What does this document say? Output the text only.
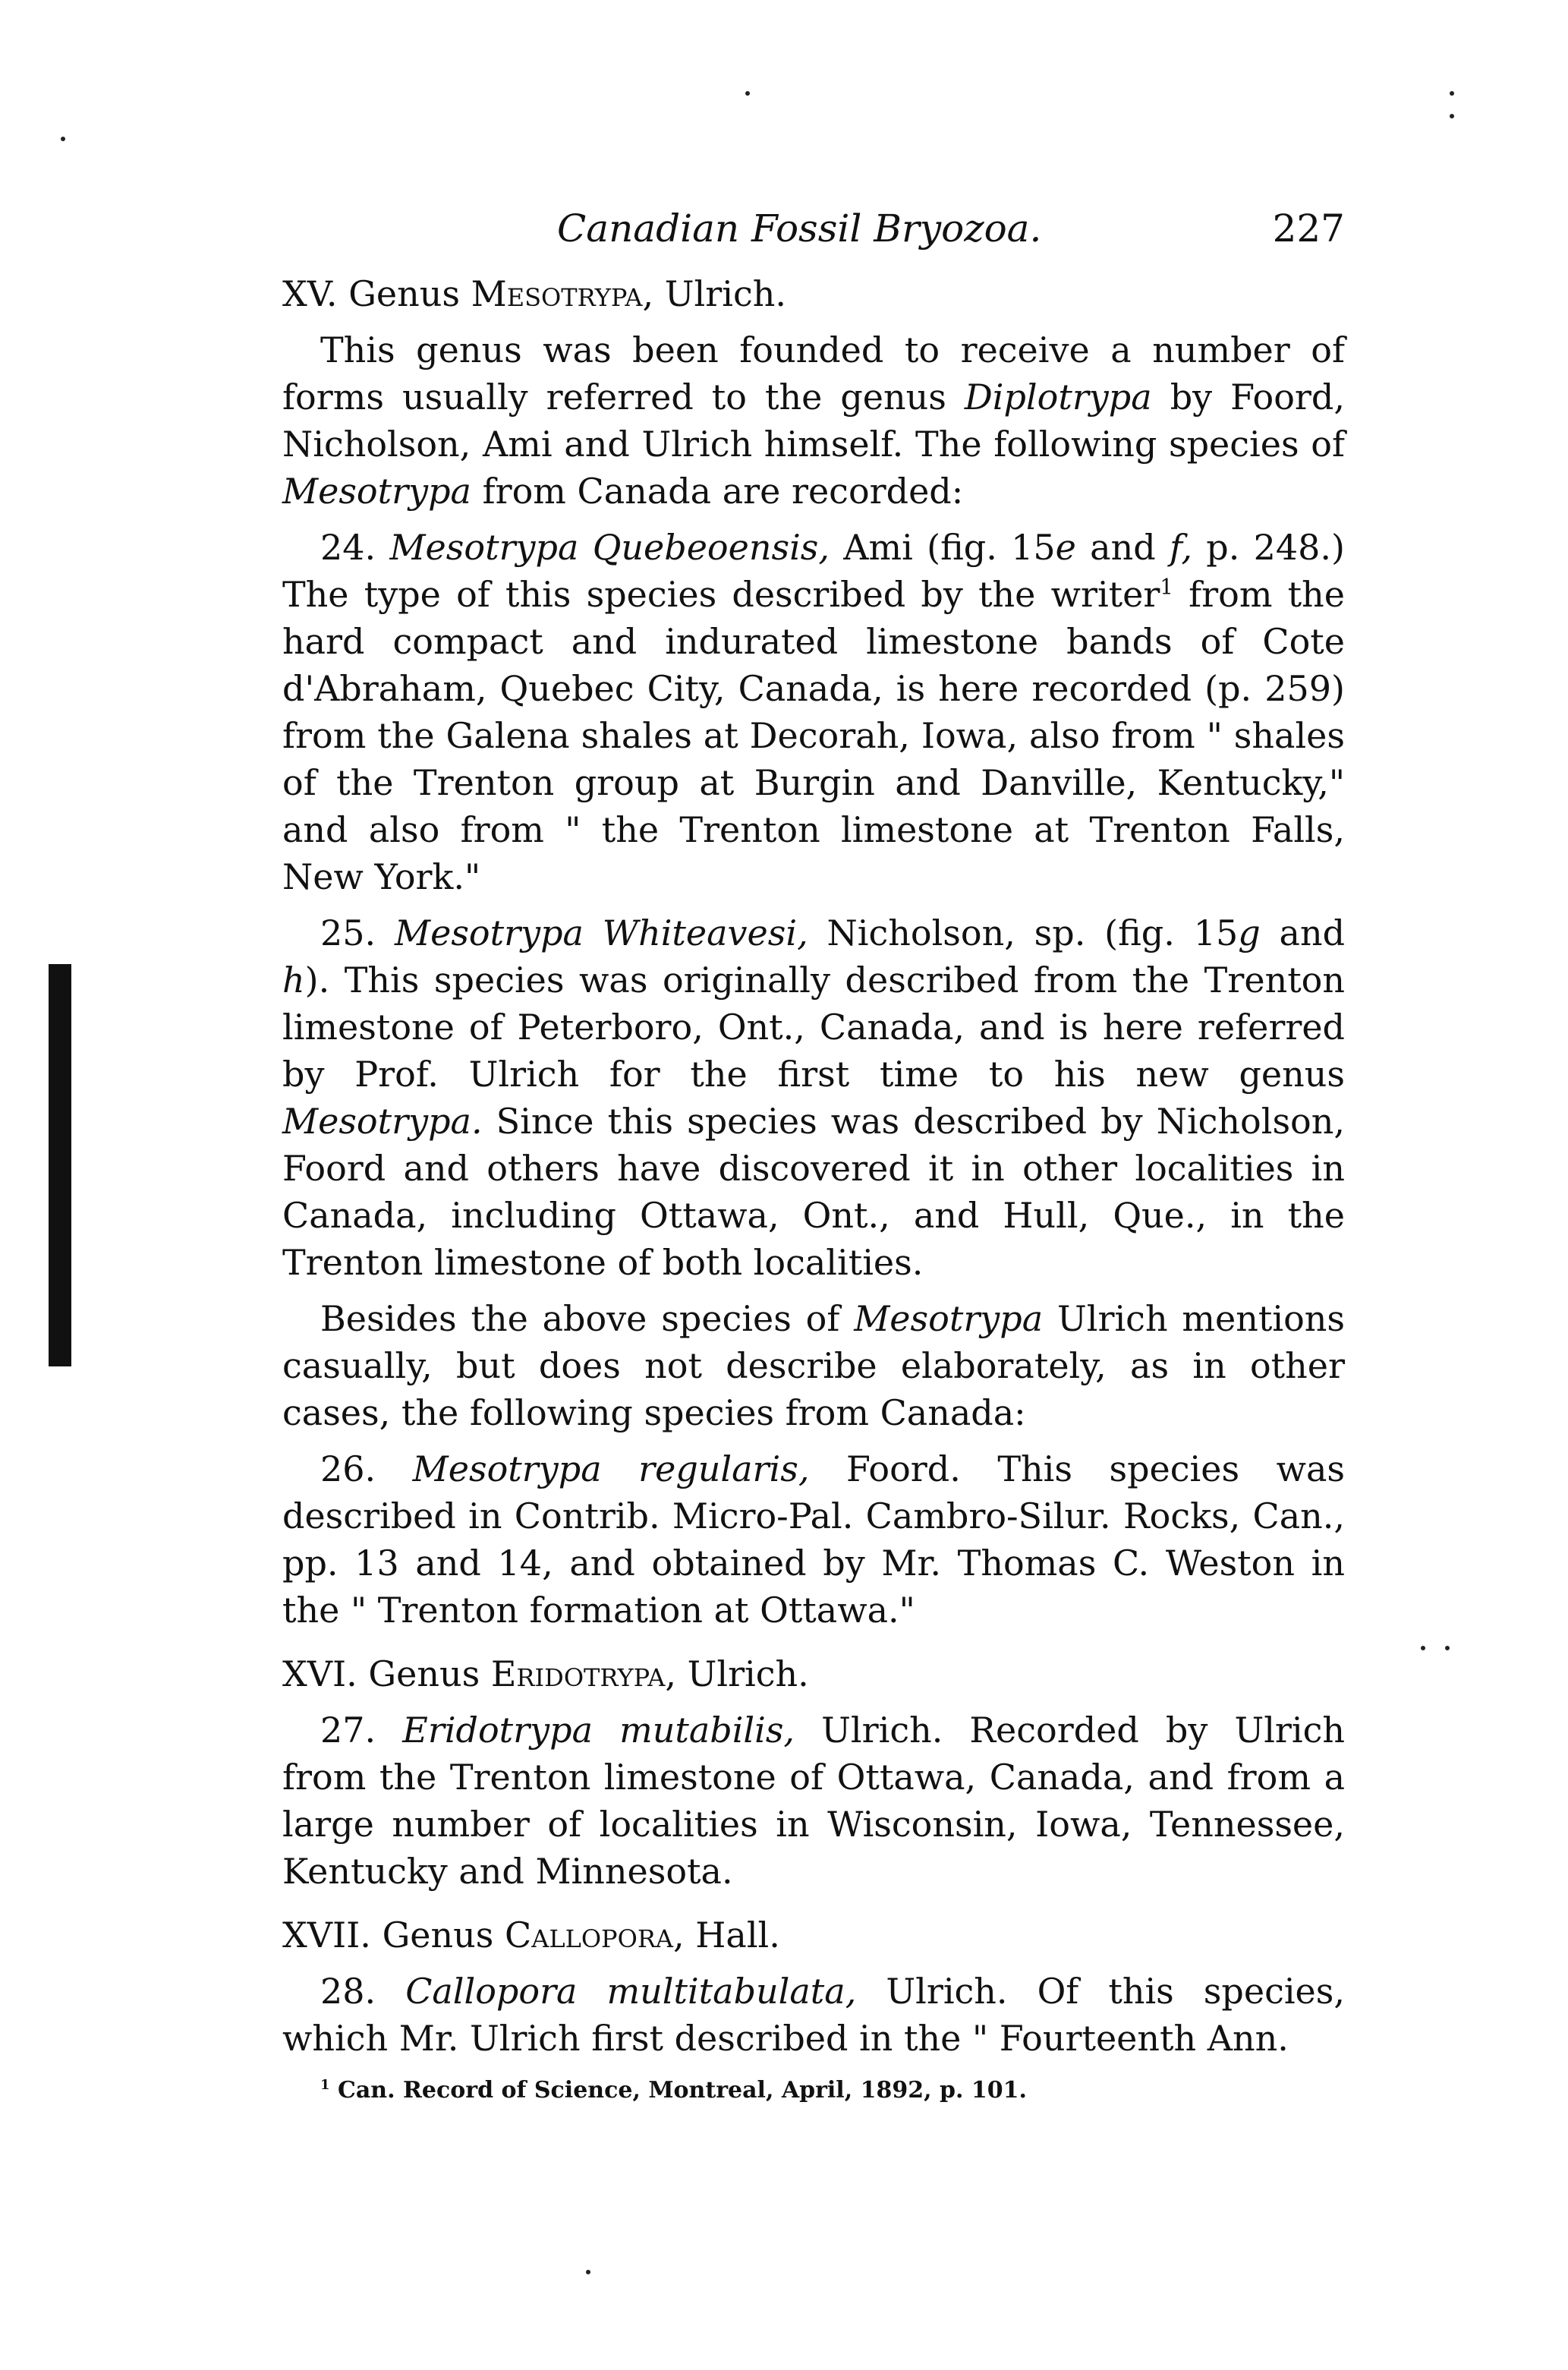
Canadian Fossil Bryozoa.	227
XV. Genus Mesotrypa, Ulrich.

This genus was been founded to receive a number of forms usually referred to the genus Diplotrypa by Foord, Nicholson, Ami and Ulrich himself. The following species of Mesotrypa from Canada are recorded:

24. Mesotrypa Quebeoensis, Ami (fig. 15e and f, p. 248.) The type of this species described by the writer$^1$ from the hard compact and indurated limestone bands of Cote d'Abraham, Quebec City, Canada, is here recorded (p. 259) from the Galena shales at Decorah, Iowa, also from " shales of the Trenton group at Burgin and Danville, Kentucky," and also from " the Trenton limestone at Trenton Falls, New York."

25. Mesotrypa Whiteavesi, Nicholson, sp. (fig. 15g and h). This species was originally described from the Trenton limestone of Peterboro, Ont., Canada, and is here referred by Prof. Ulrich for the first time to his new genus Mesotrypa. Since this species was described by Nicholson, Foord and others have discovered it in other localities in Canada, including Ottawa, Ont., and Hull, Que., in the Trenton limestone of both localities.

Besides the above species of Mesotrypa Ulrich mentions casually, but does not describe elaborately, as in other cases, the following species from Canada:

26. Mesotrypa regularis, Foord. This species was described in Contrib. Micro-Pal. Cambro-Silur. Rocks, Can., pp. 13 and 14, and obtained by Mr. Thomas C. Weston in the " Trenton formation at Ottawa."

XVI. Genus Eridotrypa, Ulrich.

27. Eridotrypa mutabilis, Ulrich. Recorded by Ulrich from the Trenton limestone of Ottawa, Canada, and from a large number of localities in Wisconsin, Iowa, Tennessee, Kentucky and Minnesota.

XVII. Genus Callopora, Hall.

28. Callopora multitabulata, Ulrich. Of this species, which Mr. Ulrich first described in the " Fourteenth Ann.

$^1$ Can. Record of Science, Montreal, April, 1892, p. 101.
